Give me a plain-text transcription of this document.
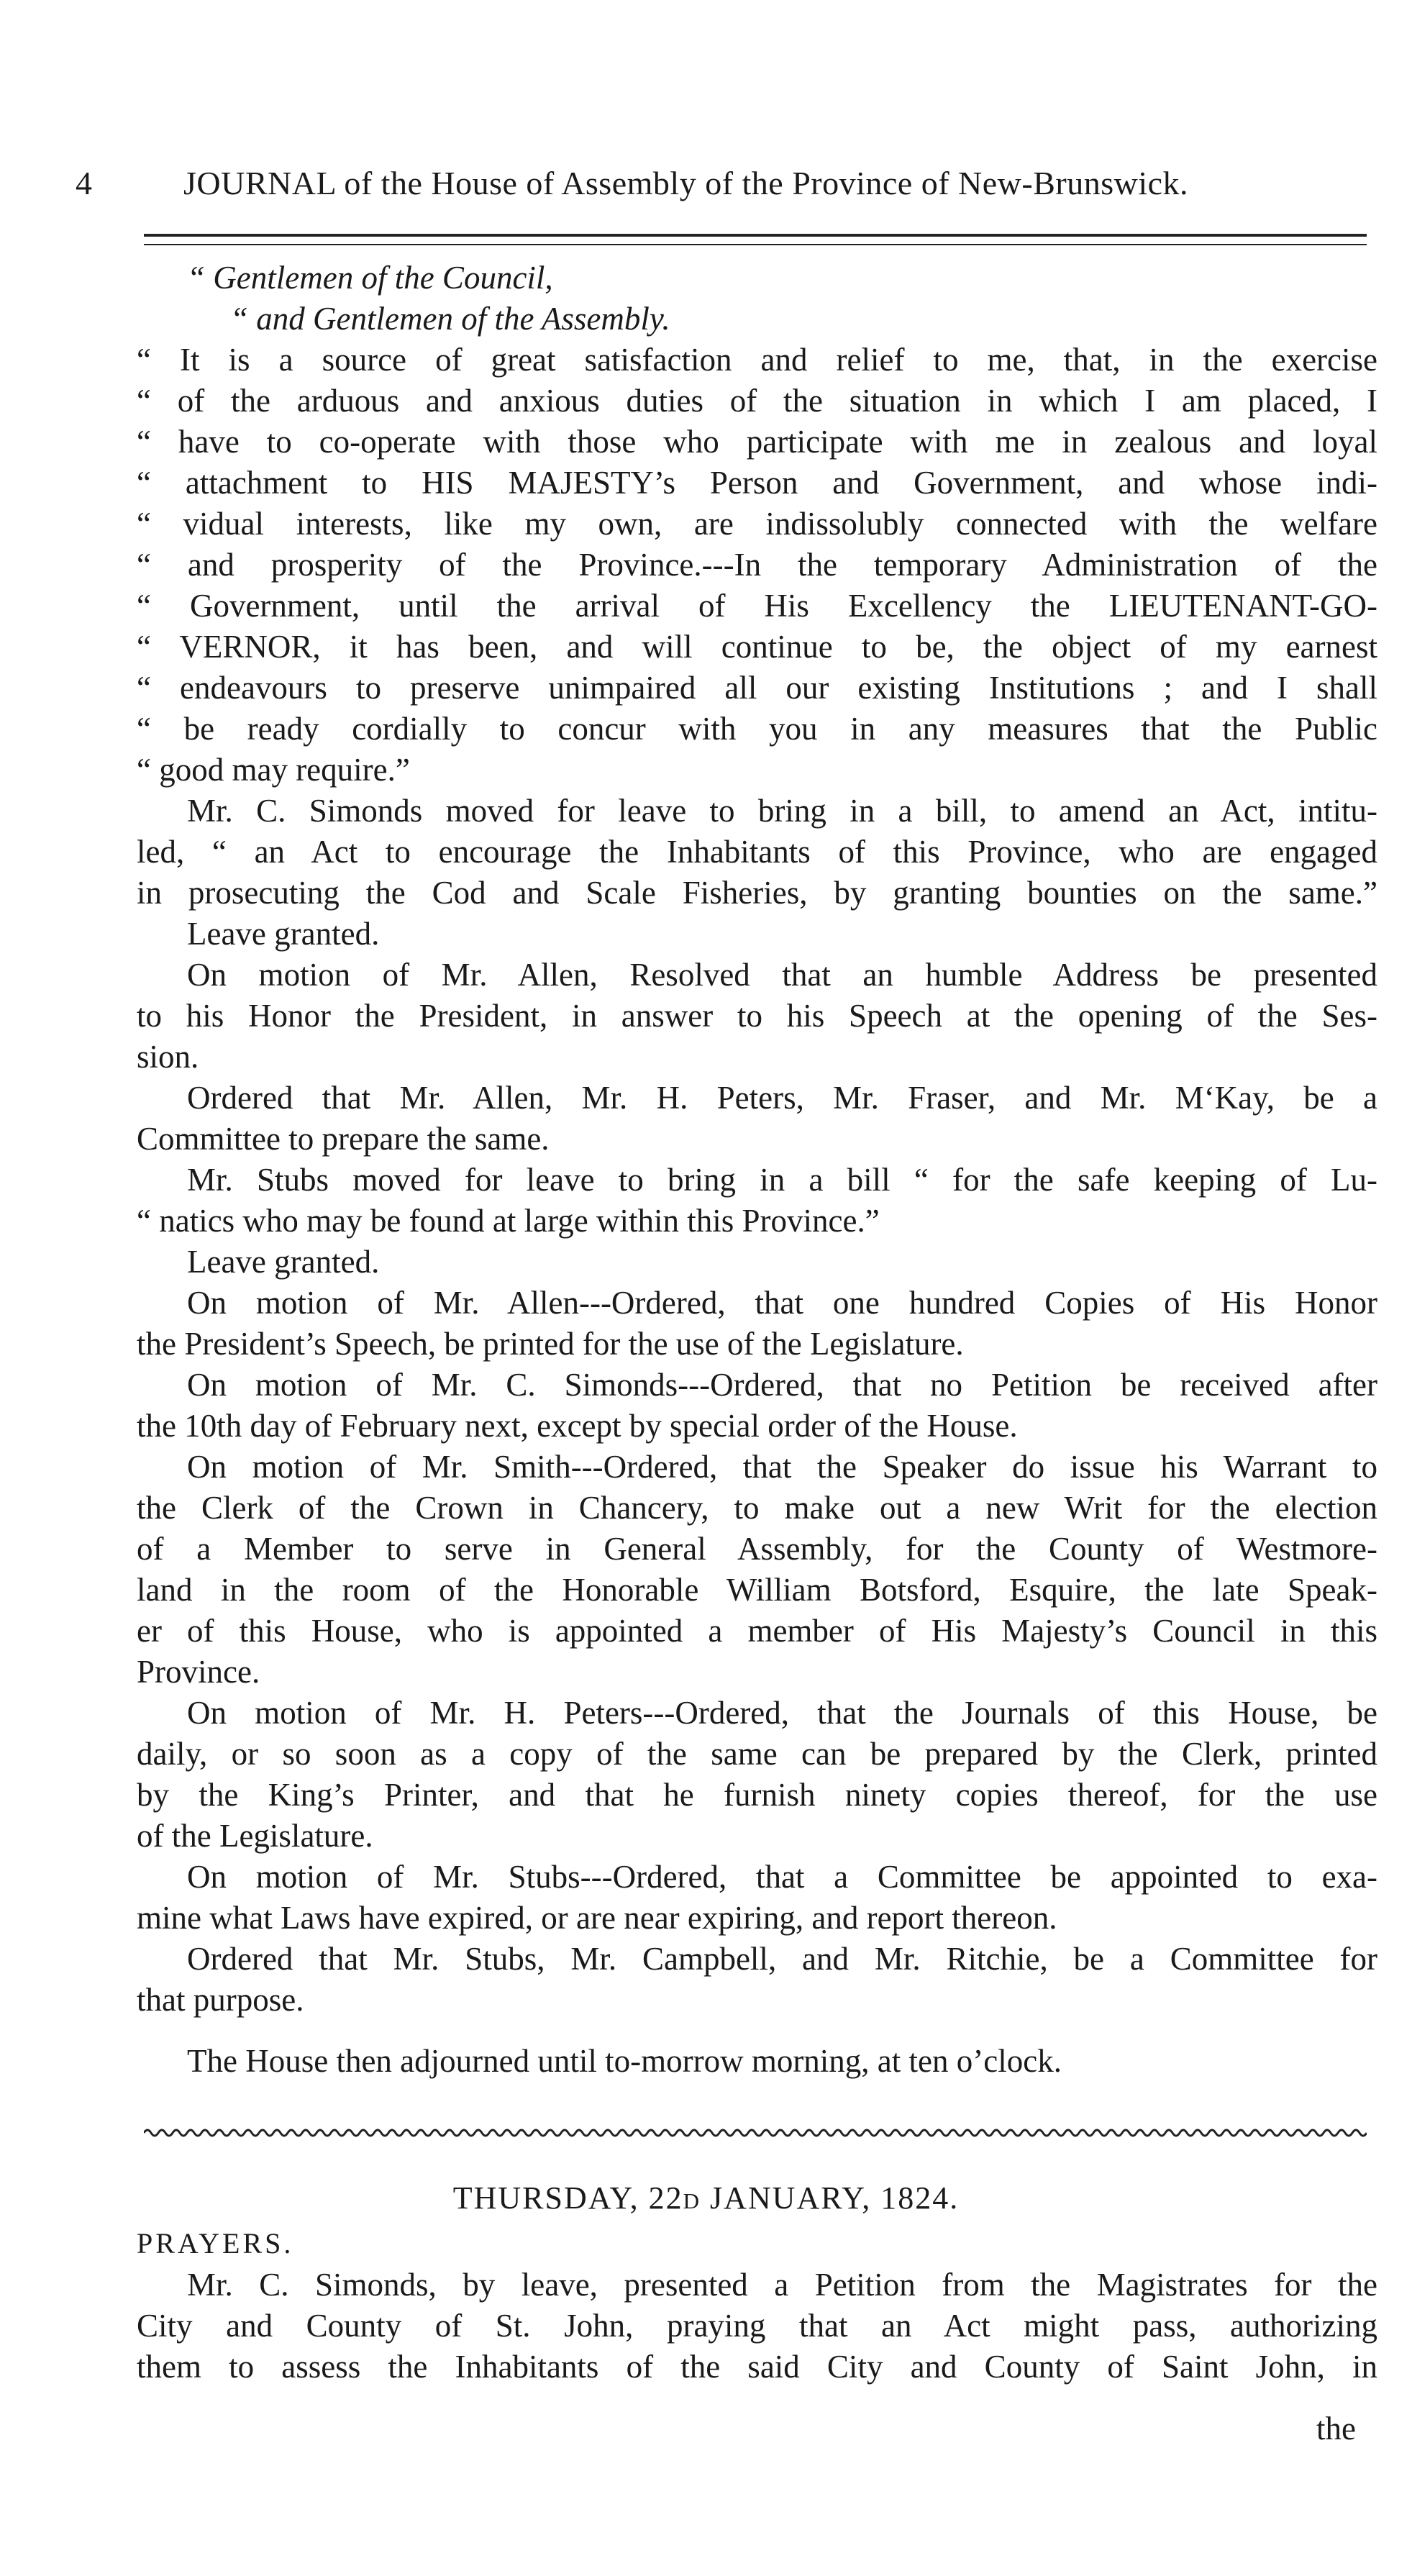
4	JOURNAL of the House of Assembly of the Province of New-Brunswick.
“ Gentlemen of the Council,
“ and Gentlemen of the Assembly.
“ It is a source of great satisfaction and relief to me, that, in the exercise
“ of the arduous and anxious duties of the situation in which I am placed, I
“ have to co-operate with those who participate with me in zealous and loyal
“ attachment to HIS MAJESTY’s Person and Government, and whose indi-
“ vidual interests, like my own, are indissolubly connected with the welfare
“ and prosperity of the Province.---In the temporary Administration of the
“ Government, until the arrival of His Excellency the LIEUTENANT-GO-
“ VERNOR, it has been, and will continue to be, the object of my earnest
“ endeavours to preserve unimpaired all our existing Institutions ; and I shall
“ be ready cordially to concur with you in any measures that the Public
“ good may require.”
Mr. C. Simonds moved for leave to bring in a bill, to amend an Act, intitu-
led, “ an Act to encourage the Inhabitants of this Province, who are engaged
in prosecuting the Cod and Scale Fisheries, by granting bounties on the same.”
Leave granted.
On motion of Mr. Allen, Resolved that an humble Address be presented
to his Honor the President, in answer to his Speech at the opening of the Ses-
sion.
Ordered that Mr. Allen, Mr. H. Peters, Mr. Fraser, and Mr. M‘Kay, be a
Committee to prepare the same.
Mr. Stubs moved for leave to bring in a bill “ for the safe keeping of Lu-
“ natics who may be found at large within this Province.”
Leave granted.
On motion of Mr. Allen---Ordered, that one hundred Copies of His Honor
the President’s Speech, be printed for the use of the Legislature.
On motion of Mr. C. Simonds---Ordered, that no Petition be received after
the 10th day of February next, except by special order of the House.
On motion of Mr. Smith---Ordered, that the Speaker do issue his Warrant to
the Clerk of the Crown in Chancery, to make out a new Writ for the election
of a Member to serve in General Assembly, for the County of Westmore-
land in the room of the Honorable William Botsford, Esquire, the late Speak-
er of this House, who is appointed a member of His Majesty’s Council in this
Province.
On motion of Mr. H. Peters---Ordered, that the Journals of this House, be
daily, or so soon as a copy of the same can be prepared by the Clerk, printed
by the King’s Printer, and that he furnish ninety copies thereof, for the use
of the Legislature.
On motion of Mr. Stubs---Ordered, that a Committee be appointed to exa-
mine what Laws have expired, or are near expiring, and report thereon.
Ordered that Mr. Stubs, Mr. Campbell, and Mr. Ritchie, be a Committee for
that purpose.
The House then adjourned until to-morrow morning, at ten o’clock.
THURSDAY, 22d JANUARY, 1824.
PRAYERS.
Mr. C. Simonds, by leave, presented a Petition from the Magistrates for the
City and County of St. John, praying that an Act might pass, authorizing
them to assess the Inhabitants of the said City and County of Saint John, in
the
